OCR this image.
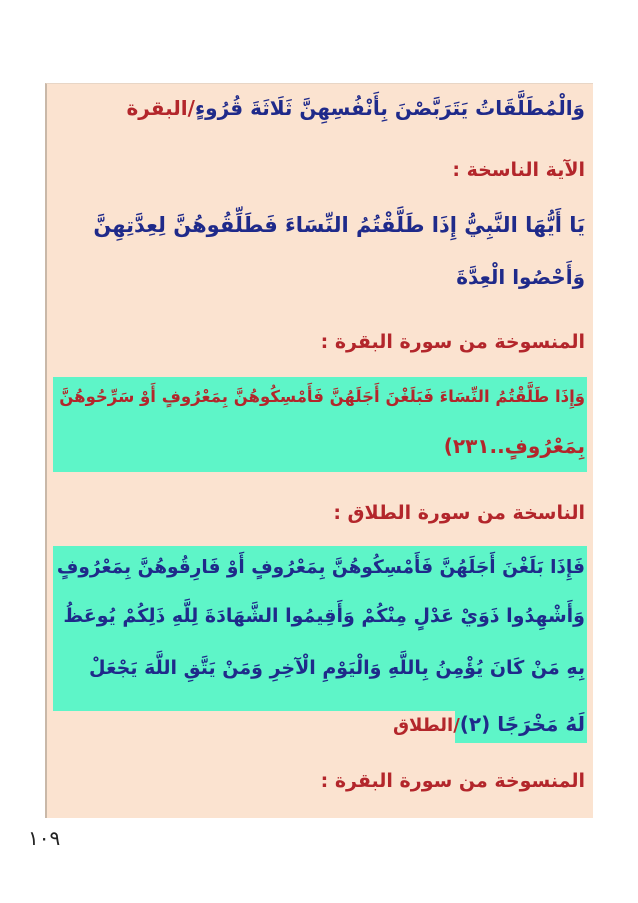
وَالْمُطَلَّقَاتُ يَتَرَبَّصْنَ بِأَنْفُسِهِنَّ ثَلَاثَةَ قُرُوءٍ/البقرة
الآية الناسخة :
يَا أَيُّهَا النَّبِيُّ إِذَا طَلَّقْتُمُ النِّسَاءَ فَطَلِّقُوهُنَّ لِعِدَّتِهِنَّ
وَأَحْصُوا الْعِدَّةَ
المنسوخة من سورة البقرة :
وَإِذَا طَلَّقْتُمُ النِّسَاءَ فَبَلَغْنَ أَجَلَهُنَّ فَأَمْسِكُوهُنَّ بِمَعْرُوفٍ أَوْ سَرِّحُوهُنَّ
بِمَعْرُوفٍ..٢٣١)
الناسخة من سورة الطلاق :
فَإِذَا بَلَغْنَ أَجَلَهُنَّ فَأَمْسِكُوهُنَّ بِمَعْرُوفٍ أَوْ فَارِقُوهُنَّ بِمَعْرُوفٍ
وَأَشْهِدُوا ذَوَيْ عَدْلٍ مِنْكُمْ وَأَقِيمُوا الشَّهَادَةَ لِلَّهِ ذَلِكُمْ يُوعَظُ
بِهِ مَنْ كَانَ يُؤْمِنُ بِاللَّهِ وَالْيَوْمِ الْآخِرِ وَمَنْ يَتَّقِ اللَّهَ يَجْعَلْ
لَهُ مَخْرَجًا (٢)/الطلاق
المنسوخة من سورة البقرة :
١٠٩
